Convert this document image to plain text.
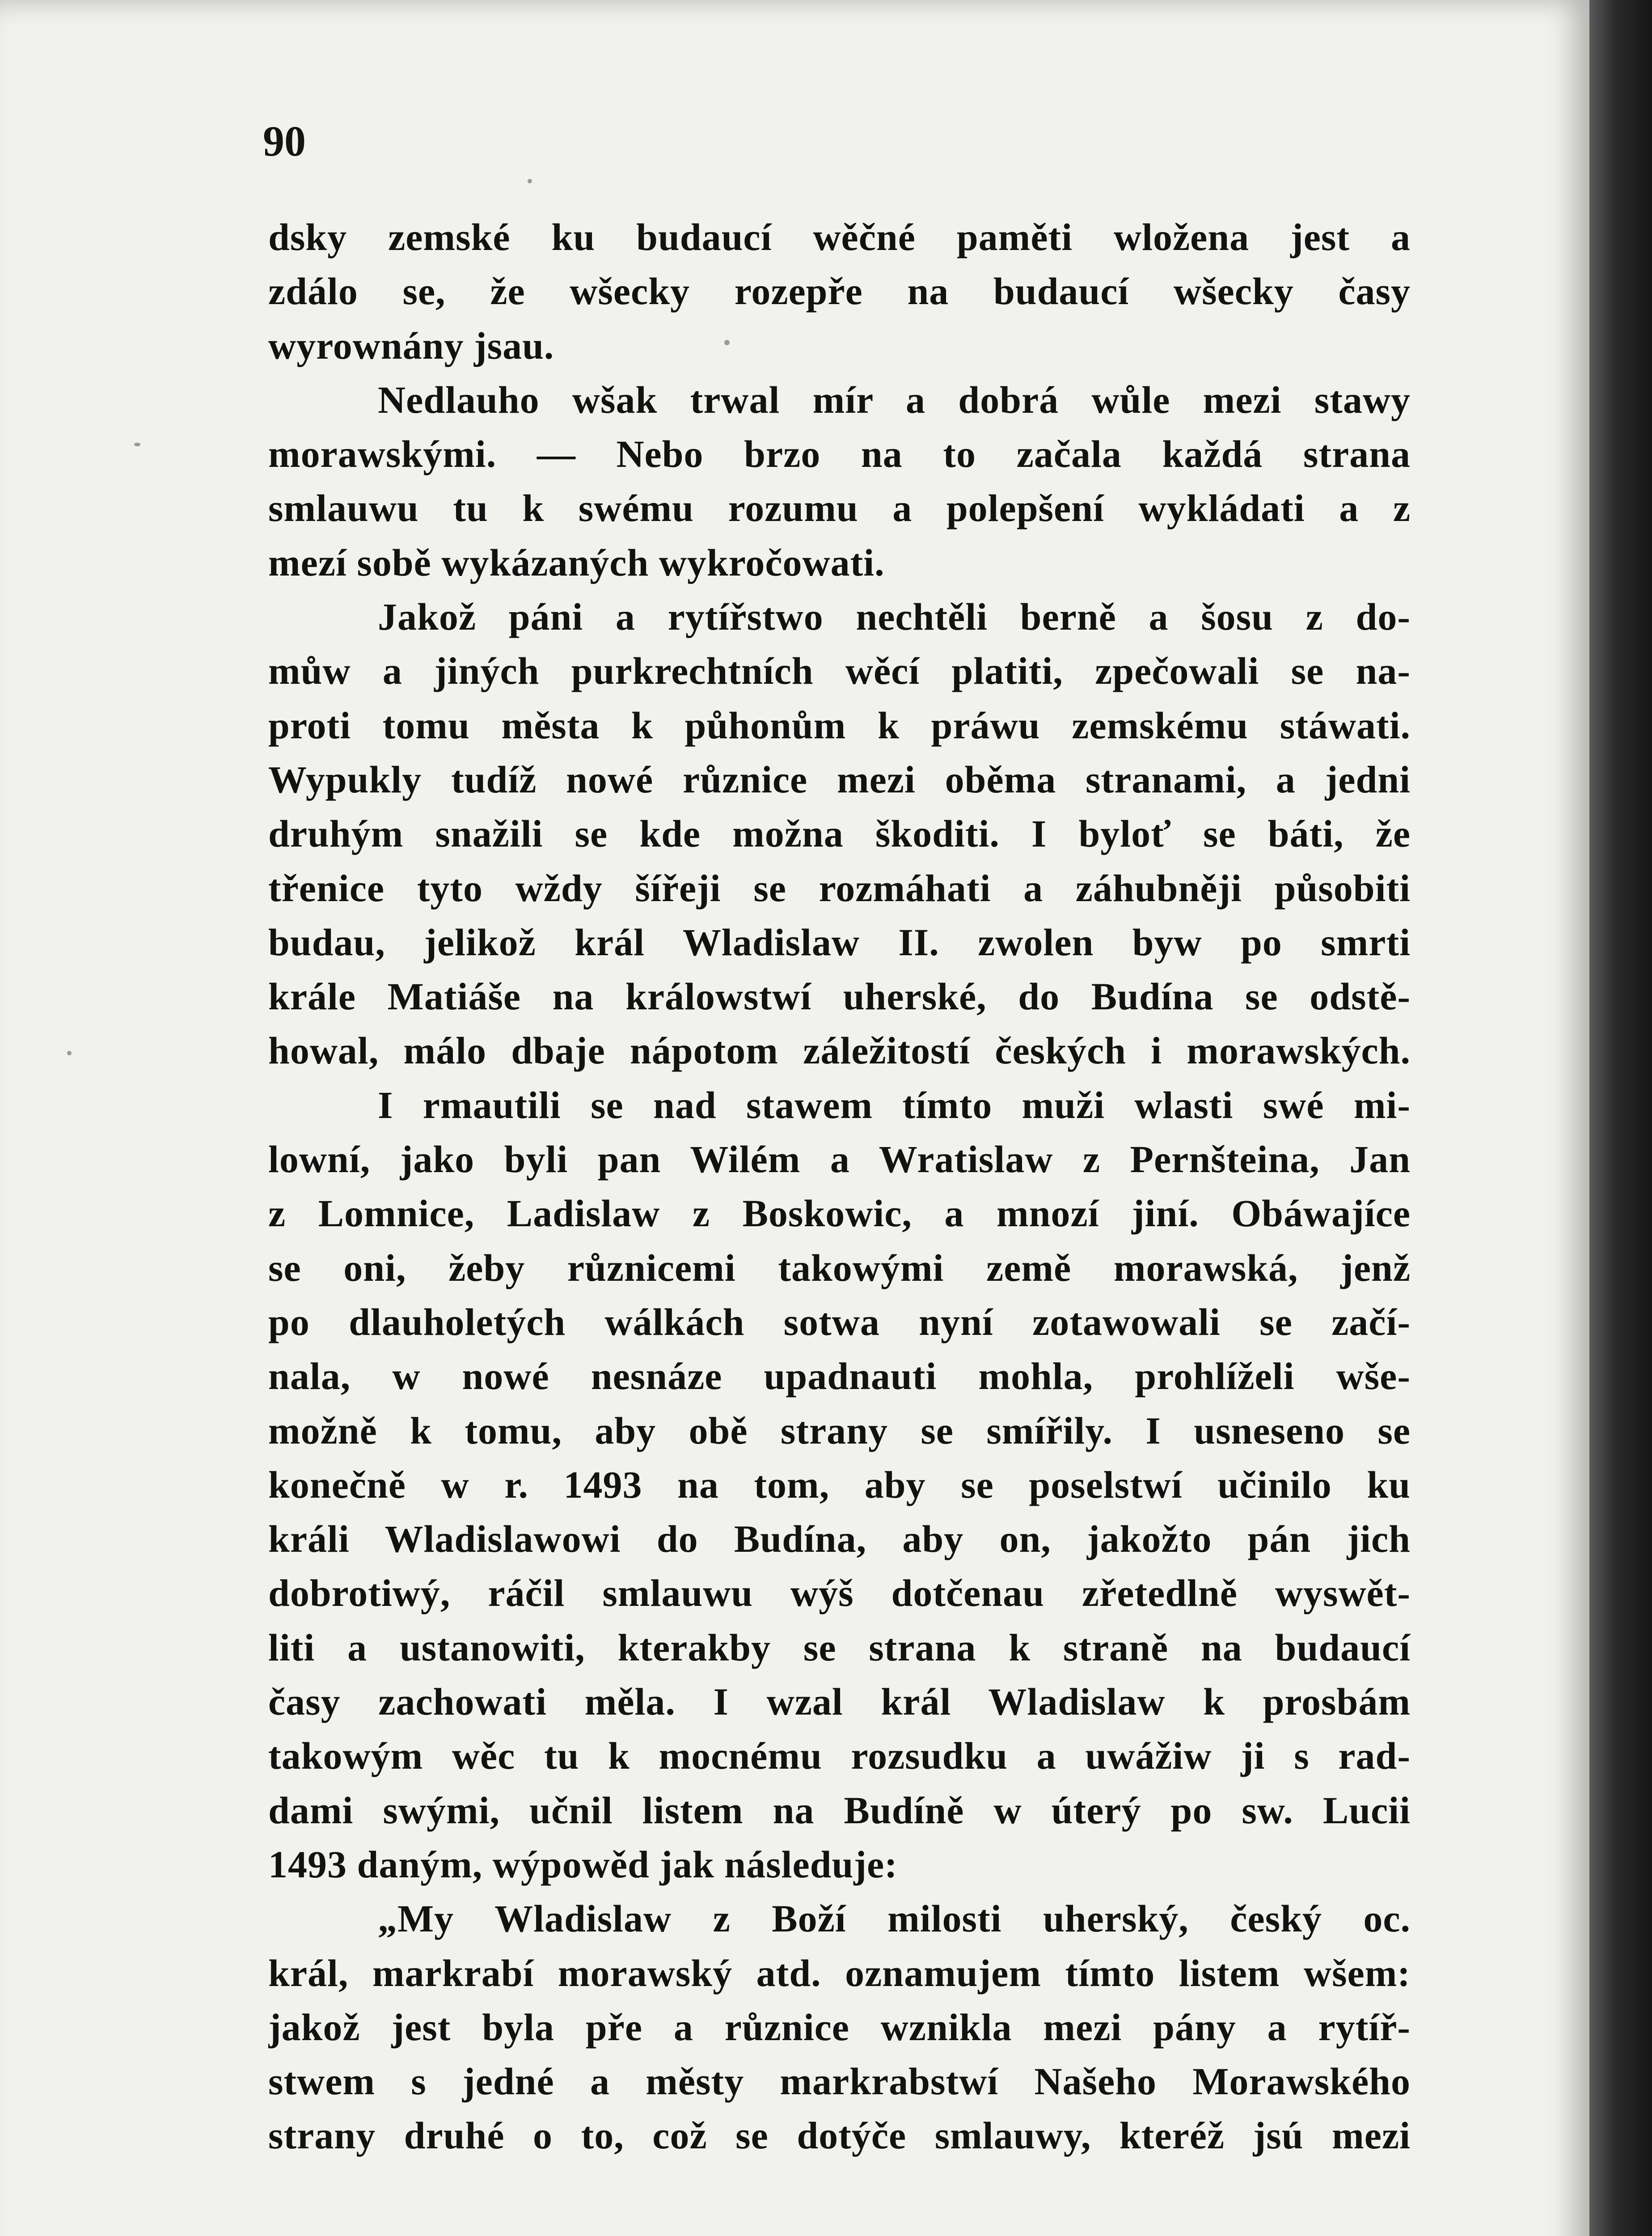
90

dsky zemské ku budaucí wěčné paměti wložena jest a
zdálo se, že wšecky rozepře na budaucí wšecky časy
wyrownány jsau.
Nedlauho wšak trwal mír a dobrá wůle mezi stawy
morawskými. — Nebo brzo na to začala každá strana
smlauwu tu k swému rozumu a polepšení wykládati a z
mezí sobě wykázaných wykročowati.
Jakož páni a rytířstwo nechtěli berně a šosu z do-
můw a jiných purkrechtních wěcí platiti, zpečowali se na-
proti tomu města k půhonům k práwu zemskému stáwati.
Wypukly tudíž nowé různice mezi oběma stranami, a jedni
druhým snažili se kde možna škoditi. I byloť se báti, že
třenice tyto wždy šířeji se rozmáhati a záhubněji působiti
budau, jelikož král Wladislaw II. zwolen byw po smrti
krále Matiáše na králowstwí uherské, do Budína se odstě-
howal, málo dbaje nápotom záležitostí českých i morawských.
I rmautili se nad stawem tímto muži wlasti swé mi-
lowní, jako byli pan Wilém a Wratislaw z Pernšteina, Jan
z Lomnice, Ladislaw z Boskowic, a mnozí jiní. Obáwajíce
se oni, žeby různicemi takowými země morawská, jenž
po dlauholetých wálkách sotwa nyní zotawowali se začí-
nala, w nowé nesnáze upadnauti mohla, prohlíželi wše-
možně k tomu, aby obě strany se smířily. I usneseno se
konečně w r. 1493 na tom, aby se poselstwí učinilo ku
králi Wladislawowi do Budína, aby on, jakožto pán jich
dobrotiwý, ráčil smlauwu wýš dotčenau zřetedlně wyswět-
liti a ustanowiti, kterakby se strana k straně na budaucí
časy zachowati měla. I wzal král Wladislaw k prosbám
takowým wěc tu k mocnému rozsudku a uwážiw ji s rad-
dami swými, učnil listem na Budíně w úterý po sw. Lucii
1493 daným, wýpowěd jak následuje:
„My Wladislaw z Boží milosti uherský, český oc.
král, markrabí morawský atd. oznamujem tímto listem wšem:
jakož jest byla pře a různice wznikla mezi pány a rytíř-
stwem s jedné a městy markrabstwí Našeho Morawského
strany druhé o to, což se dotýče smlauwy, kteréž jsú mezi
